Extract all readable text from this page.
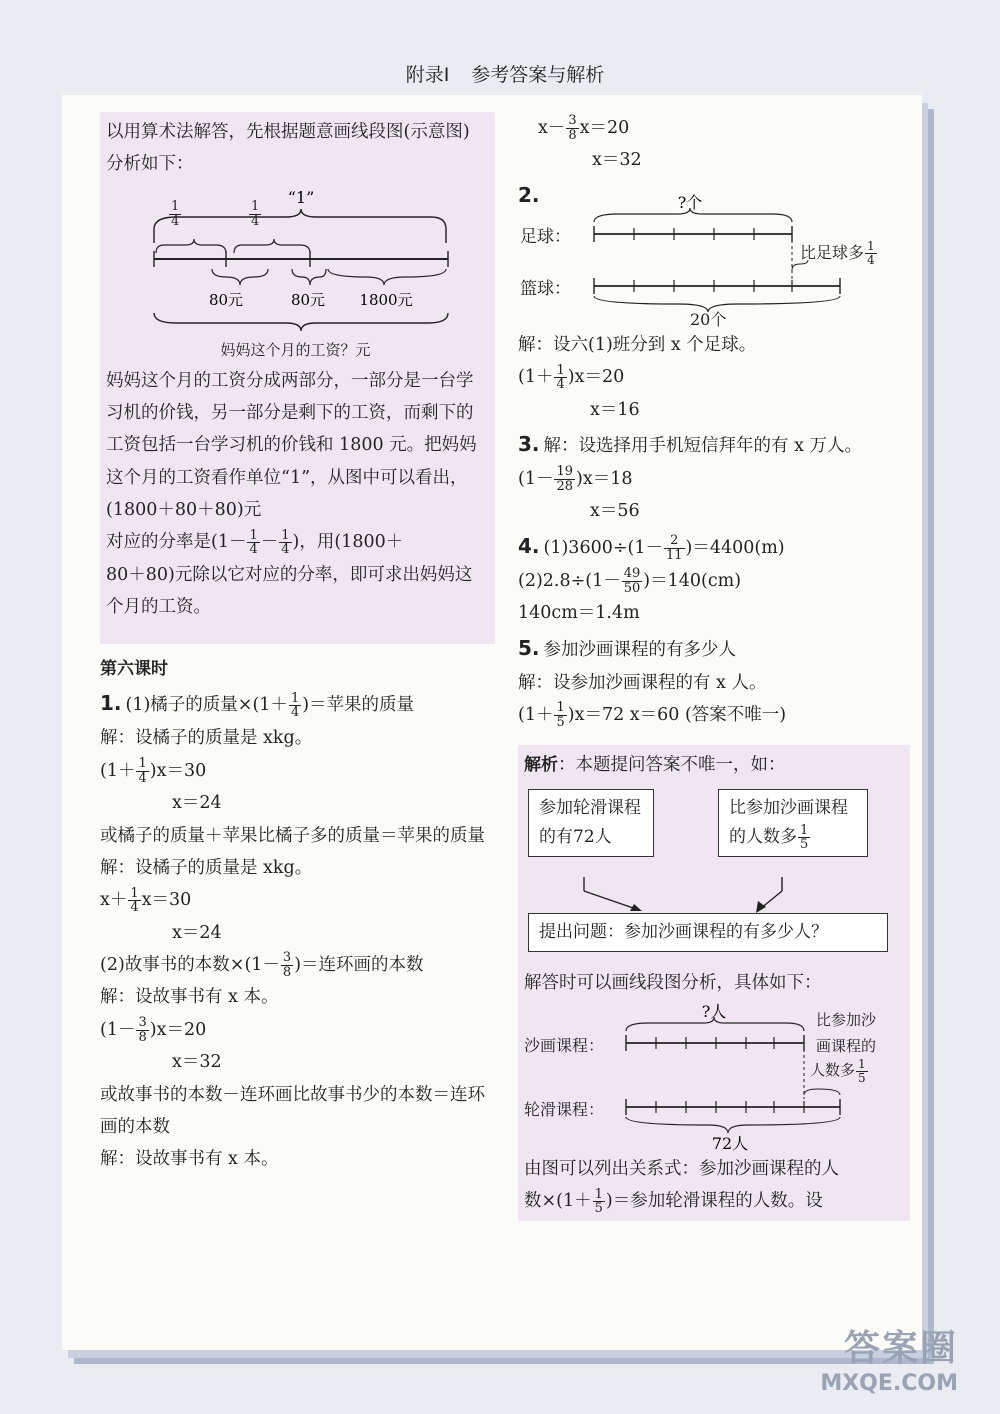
附录Ⅰ 参考答案与解析

以用算术法解答，先根据题意画线段图(示意图)分析如下：

“1”
80元	80元 1800元
$\frac{1}{4}$	$\frac{1}{4}$

妈妈这个月的工资？元

妈妈这个月的工资分成两部分，一部分是一台学习机的价钱，另一部分是剩下的工资，而剩下的工资包括一台学习机的价钱和 1800 元。把妈妈这个月的工资看作单位“1”，从图中可以看出，(1800＋80＋80)元

对应的分率是($1- \frac{1}{4} - \frac{1}{4}$ )，用(1800＋

80＋80)元除以它对应的分率，即可求出妈妈这个月的工资。

第六课时

1. (1)橘子的质量$\times(1+ \frac{1}{4}$ )＝苹果的质量

解：设橘子的质量是 xkg。

$(1+ \frac{1}{4} )x=30$

x＝24

或橘子的质量＋苹果比橘子多的质量＝苹果的质量

解：设橘子的质量是 xkg。

$x+ \frac{1}{4} x=30$

x＝24

(2)故事书的本数$\times(1- \frac{3}{8}$ )＝连环画的本数

解：设故事书有 x 本。

$(1- \frac{3}{8} )x=20$

x＝32

或故事书的本数－连环画比故事书少的本数＝连环画的本数

解：设故事书有 x 本。

$x- \frac{3}{8} x=20$

x＝32

2.	?个
足球：
篮球：
比足球多 $\frac{1}{4}$

20个

解：设六(1)班分到 x 个足球。

$(1+ \frac{1}{4} )x=20$

x＝16

3. 解：设选择用手机短信拜年的有 x 万人。

$(1- \frac{19}{28} )x=18$

x＝56

4. $(1)3600\div(1- \frac{2}{11} )=4400(m)$

$(2)2.8\div(1- \frac{49}{50} )=140(cm)$

140cm＝1.4m

5. 参加沙画课程的有多少人

解：设参加沙画课程的有 x 人。

$(1+ \frac{1}{5} )x=72$ x＝60 (答案不唯一)

解析：本题提问答案不唯一，如：

参加轮滑课程的有72人
比参加沙画课程的人数多 $\frac{1}{5}$
提出问题：参加沙画课程的有多少人？

解答时可以画线段图分析，具体如下：

?人
72人
沙画课程：
轮滑课程：
比参加沙
画课程的
人数多 $\frac{1}{5}$

由图可以列出关系式：参加沙画课程的人

数$\times(1+ \frac{1}{5}$ )＝参加轮滑课程的人数。设

答案圈
MXQE.COM
